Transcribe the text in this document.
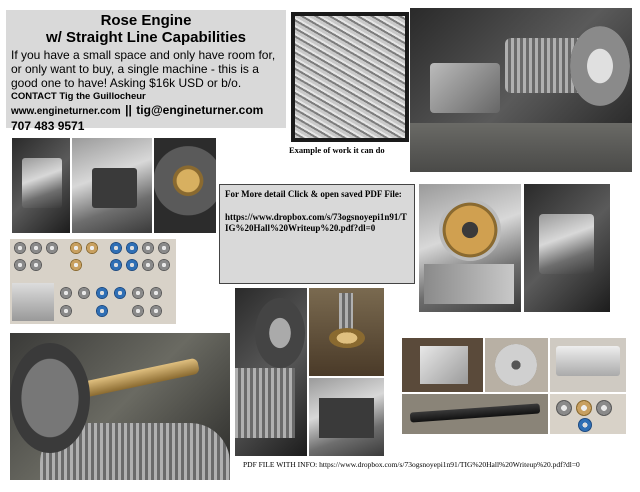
Rose Engine
w/ Straight Line Capabilities
If you have a small space and only have room for, or only want to buy, a single machine - this is a good one to have! Asking $16k USD or b/o.
CONTACT Tig the Guillocheur
www.engineturner.com || tig@engineturner.com
707 483 9571
Example of work it can do
For More detail Click & open saved PDF File:
https://www.dropbox.com/s/73ogsnoyepi1n91/TIG%20Hall%20Writeup%20.pdf?dl=0
PDF FILE WITH INFO: https://www.dropbox.com/s/73ogsnoyepi1n91/TIG%20Hall%20Writeup%20.pdf?dl=0
